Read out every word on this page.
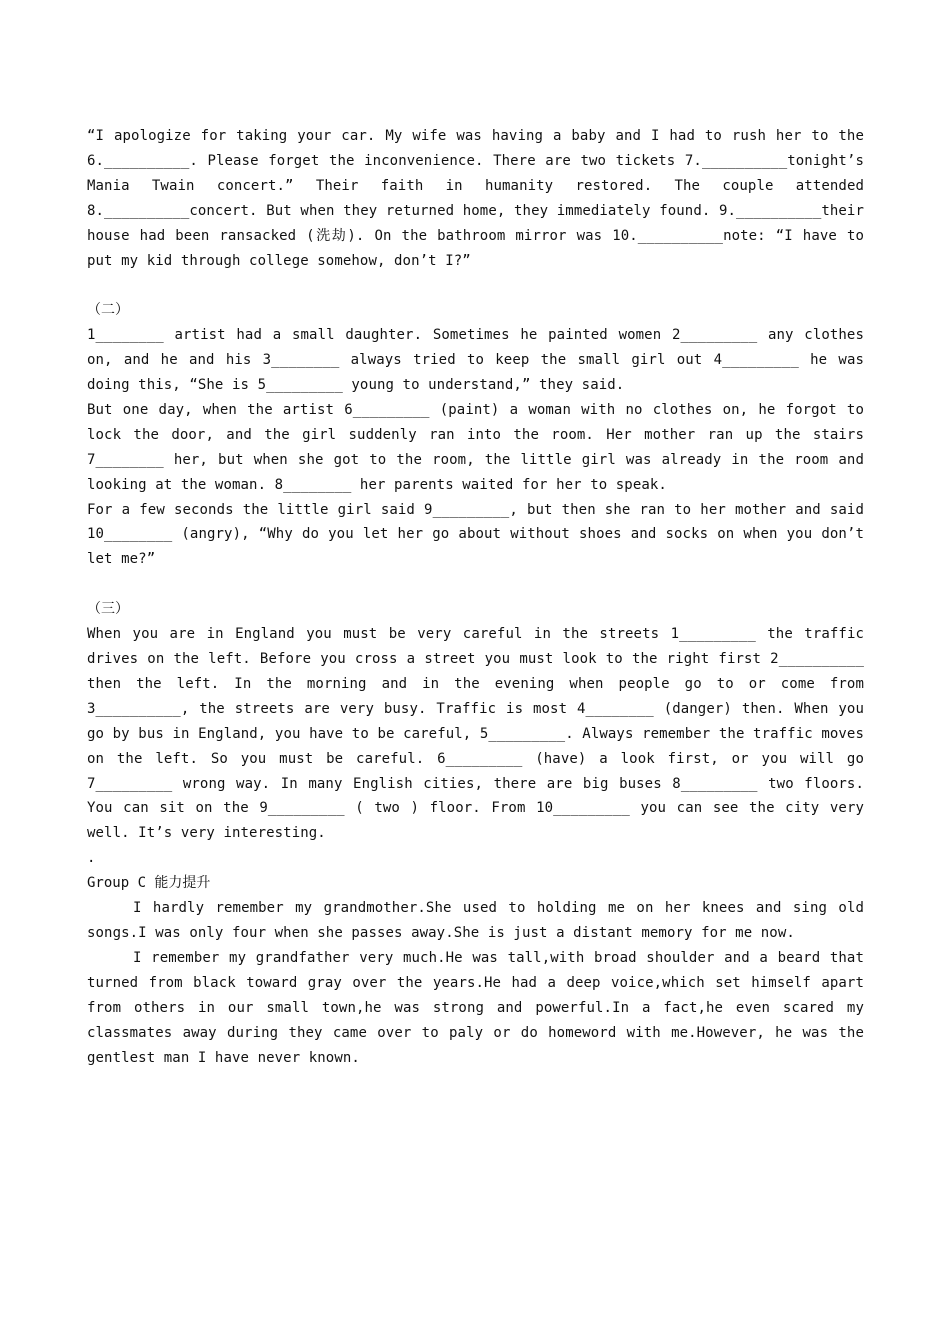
“I apologize for taking your car. My wife was having a baby and I had to rush her to the 6.__________. Please forget the inconvenience. There are two tickets 7.__________tonight’s Mania Twain concert.” Their faith in humanity restored. The couple attended 8.__________concert. But when they returned home, they immediately found. 9.__________their house had been ransacked (洗劫). On the bathroom mirror was 10.__________note: “I have to put my kid through college somehow, don’t I?”

（二）

1________ artist had a small daughter. Sometimes he painted women 2_________ any clothes on, and he and his 3________ always tried to keep the small girl out 4_________ he was doing this, “She is 5_________ young to understand,” they said.

But one day, when the artist 6_________ (paint) a woman with no clothes on, he forgot to lock the door, and the girl suddenly ran into the room. Her mother ran up the stairs 7________ her, but when she got to the room, the little girl was already in the room and looking at the woman. 8________ her parents waited for her to speak.

For a few seconds the little girl said 9_________, but then she ran to her mother and said 10________ (angry), “Why do you let her go about without shoes and socks on when you don’t let me?”

（三）

When you are in England you must be very careful in the streets 1_________ the traffic drives on the left. Before you cross a street you must look to the right first 2__________ then the left. In the morning and in the evening when people go to or come from 3__________, the streets are very busy. Traffic is most 4________ (danger) then. When you go by bus in England, you have to be careful, 5_________. Always remember the traffic moves on the left. So you must be careful. 6_________ (have) a look first, or you will go 7_________ wrong way. In many English cities, there are big buses 8_________ two floors. You can sit on the 9_________ ( two ) floor. From 10_________ you can see the city very well. It’s very interesting.

.

Group C 能力提升

I hardly remember my grandmother.She used to holding me on her knees and sing old songs.I was only four when she passes away.She is just a distant memory for me now.

I remember my grandfather very much.He was tall,with broad shoulder and a beard that turned from black toward gray over the years.He had a deep voice,which set himself apart from others in our small town,he was strong and powerful.In a fact,he even scared my classmates away during they came over to paly or do homeword with me.However, he was the gentlest man I have never known.
